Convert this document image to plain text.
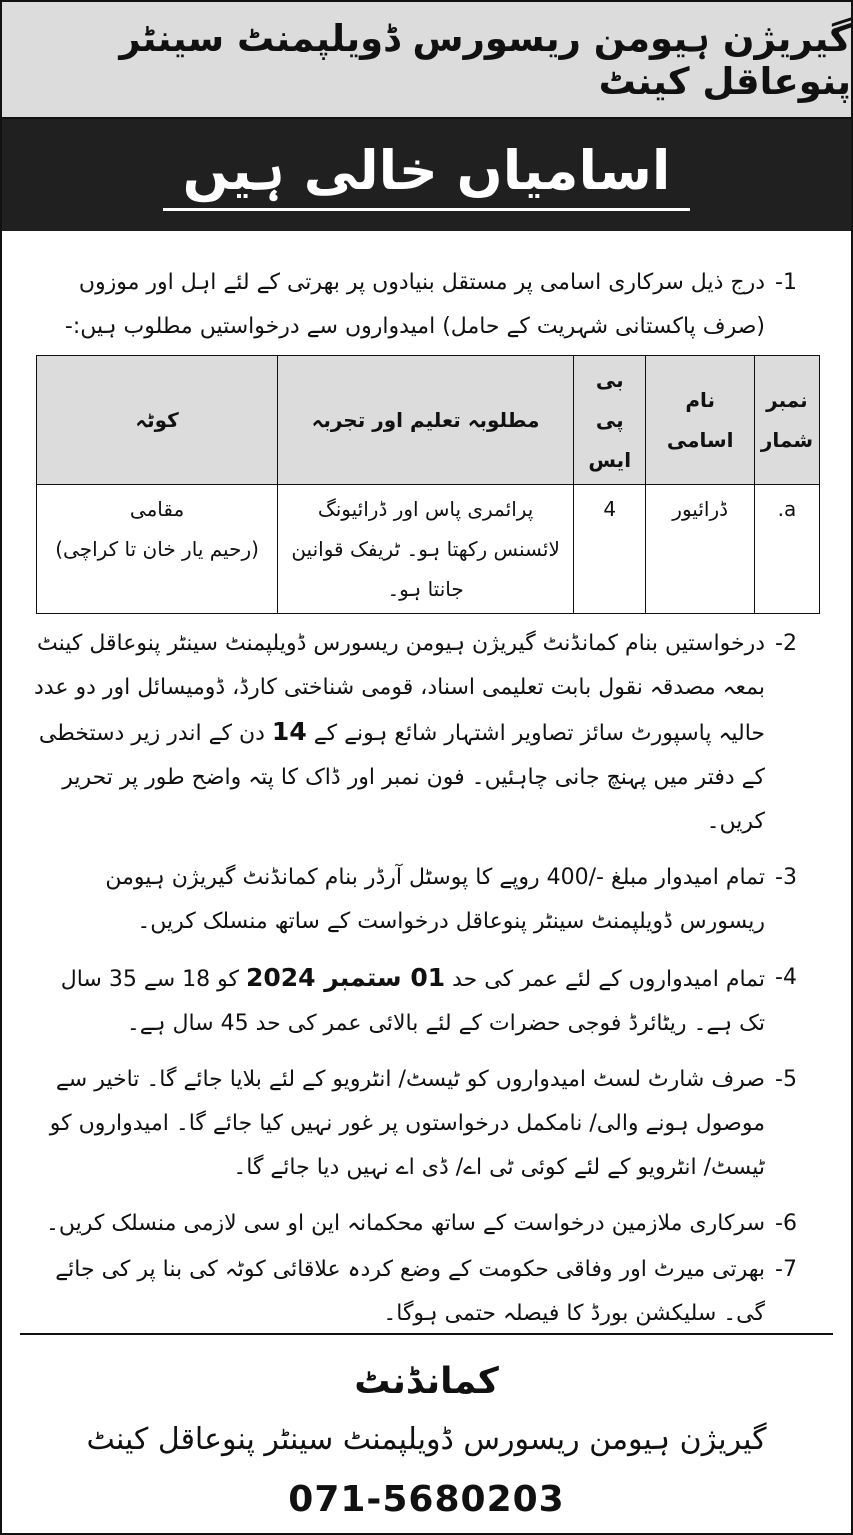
گیریژن ہیومن ریسورس ڈویلپمنٹ سینٹر پنوعاقل کینٹ
اسامیاں خالی ہیں
-1
درج ذیل سرکاری اسامی پر مستقل بنیادوں پر بھرتی کے لئے اہل اور موزوں (صرف پاکستانی شہریت کے حامل) امیدواروں سے درخواستیں مطلوب ہیں:-
نمبر شمار	نام اسامی	بی پی ایس	مطلوبہ تعلیم اور تجربہ	کوٹہ
a.	ڈرائیور	4	پرائمری پاس اور ڈرائیونگ لائسنس رکھتا ہو۔ ٹریفک قوانین جانتا ہو۔	مقامی
(رحیم یار خان تا کراچی)
-2
درخواستیں بنام کمانڈنٹ گیریژن ہیومن ریسورس ڈویلپمنٹ سینٹر پنوعاقل کینٹ بمعہ مصدقہ نقول بابت تعلیمی اسناد، قومی شناختی کارڈ، ڈومیسائل اور دو عدد حالیہ پاسپورٹ سائز تصاویر اشتہار شائع ہونے کے 14 دن کے اندر زیر دستخطی کے دفتر میں پہنچ جانی چاہئیں۔ فون نمبر اور ڈاک کا پتہ واضح طور پر تحریر کریں۔
-3
تمام امیدوار مبلغ -/400 روپے کا پوسٹل آرڈر بنام کمانڈنٹ گیریژن ہیومن ریسورس ڈویلپمنٹ سینٹر پنوعاقل درخواست کے ساتھ منسلک کریں۔
-4
تمام امیدواروں کے لئے عمر کی حد 01 ستمبر 2024 کو 18 سے 35 سال تک ہے۔ ریٹائرڈ فوجی حضرات کے لئے بالائی عمر کی حد 45 سال ہے۔
-5
صرف شارٹ لسٹ امیدواروں کو ٹیسٹ/ انٹرویو کے لئے بلایا جائے گا۔ تاخیر سے موصول ہونے والی/ نامکمل درخواستوں پر غور نہیں کیا جائے گا۔ امیدواروں کو ٹیسٹ/ انٹرویو کے لئے کوئی ٹی اے/ ڈی اے نہیں دیا جائے گا۔
-6
سرکاری ملازمین درخواست کے ساتھ محکمانہ این او سی لازمی منسلک کریں۔
-7
بھرتی میرٹ اور وفاقی حکومت کے وضع کردہ علاقائی کوٹہ کی بنا پر کی جائے گی۔ سلیکشن بورڈ کا فیصلہ حتمی ہوگا۔
کمانڈنٹ
گیریژن ہیومن ریسورس ڈویلپمنٹ سینٹر پنوعاقل کینٹ
071-5680203
